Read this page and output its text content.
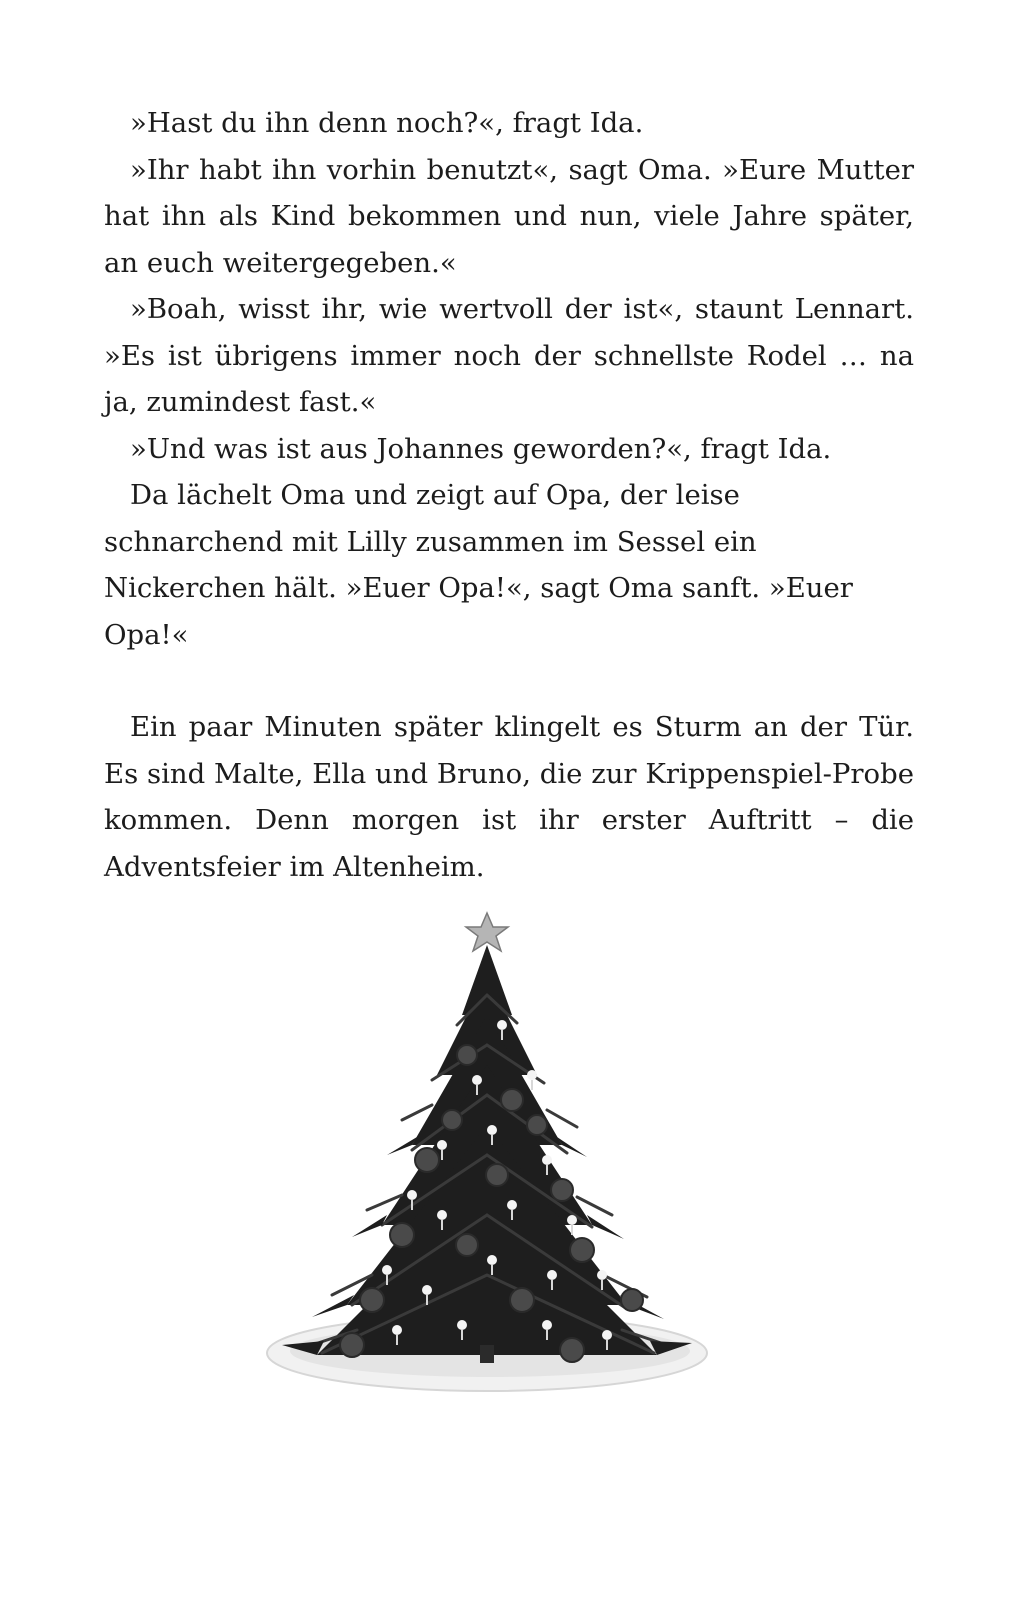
»Hast du ihn denn noch?«, fragt Ida.

»Ihr habt ihn vorhin benutzt«, sagt Oma. »Eure Mutter hat ihn als Kind bekommen und nun, viele Jahre später, an euch weitergegeben.«

»Boah, wisst ihr, wie wertvoll der ist«, staunt Lennart. »Es ist übrigens immer noch der schnellste Rodel … na ja, zumindest fast.«

»Und was ist aus Johannes geworden?«, fragt Ida.

Da lächelt Oma und zeigt auf Opa, der leise schnarchend mit Lilly zusammen im Sessel ein Nickerchen hält. »Euer Opa!«, sagt Oma sanft. »Euer Opa!«

Ein paar Minuten später klingelt es Sturm an der Tür. Es sind Malte, Ella und Bruno, die zur Krippenspiel-Probe kommen. Denn morgen ist ihr erster Auftritt – die Adventsfeier im Altenheim.
